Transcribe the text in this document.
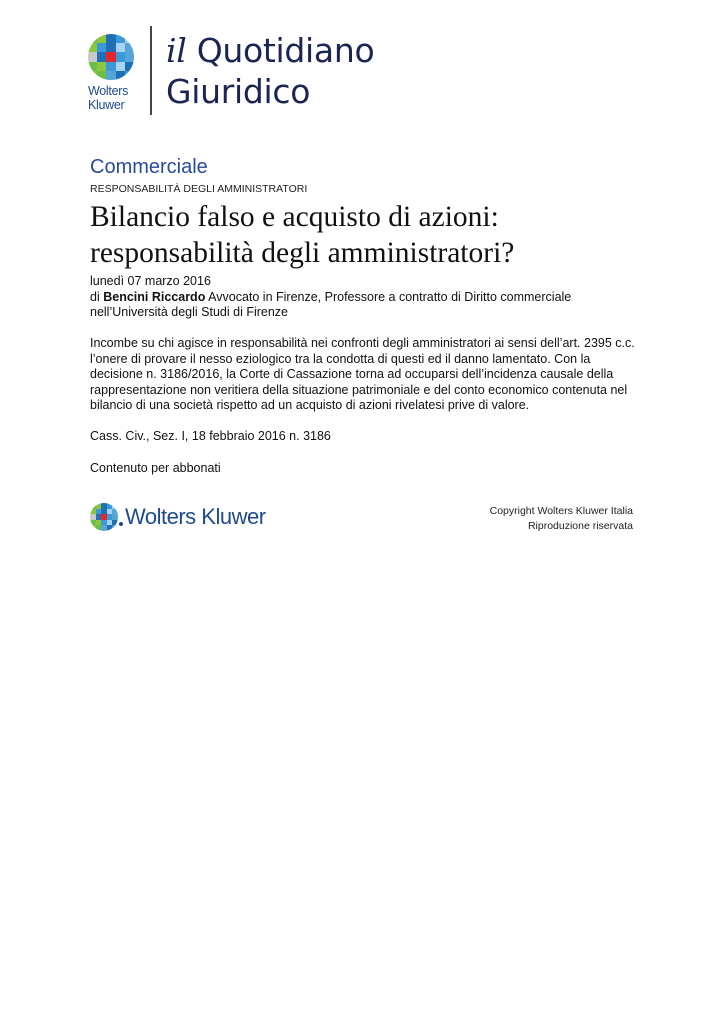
Wolters
Kluwer
il Quotidiano
Giuridico
Commerciale
RESPONSABILITÀ DEGLI AMMINISTRATORI
Bilancio falso e acquisto di azioni: responsabilità degli amministratori?
lunedì 07 marzo 2016
di Bencini Riccardo Avvocato in Firenze, Professore a contratto di Diritto commerciale nell’Università degli Studi di Firenze
Incombe su chi agisce in responsabilità nei confronti degli amministratori ai sensi dell’art. 2395 c.c. l’onere di provare il nesso eziologico tra la condotta di questi ed il danno lamentato. Con la decisione n. 3186/2016, la Corte di Cassazione torna ad occuparsi dell’incidenza causale della rappresentazione non veritiera della situazione patrimoniale e del conto economico contenuta nel bilancio di una società rispetto ad un acquisto di azioni rivelatesi prive di valore.
Cass. Civ., Sez. I, 18 febbraio 2016 n. 3186
Contenuto per abbonati
Wolters Kluwer	Copyright Wolters Kluwer Italia
Riproduzione riservata
